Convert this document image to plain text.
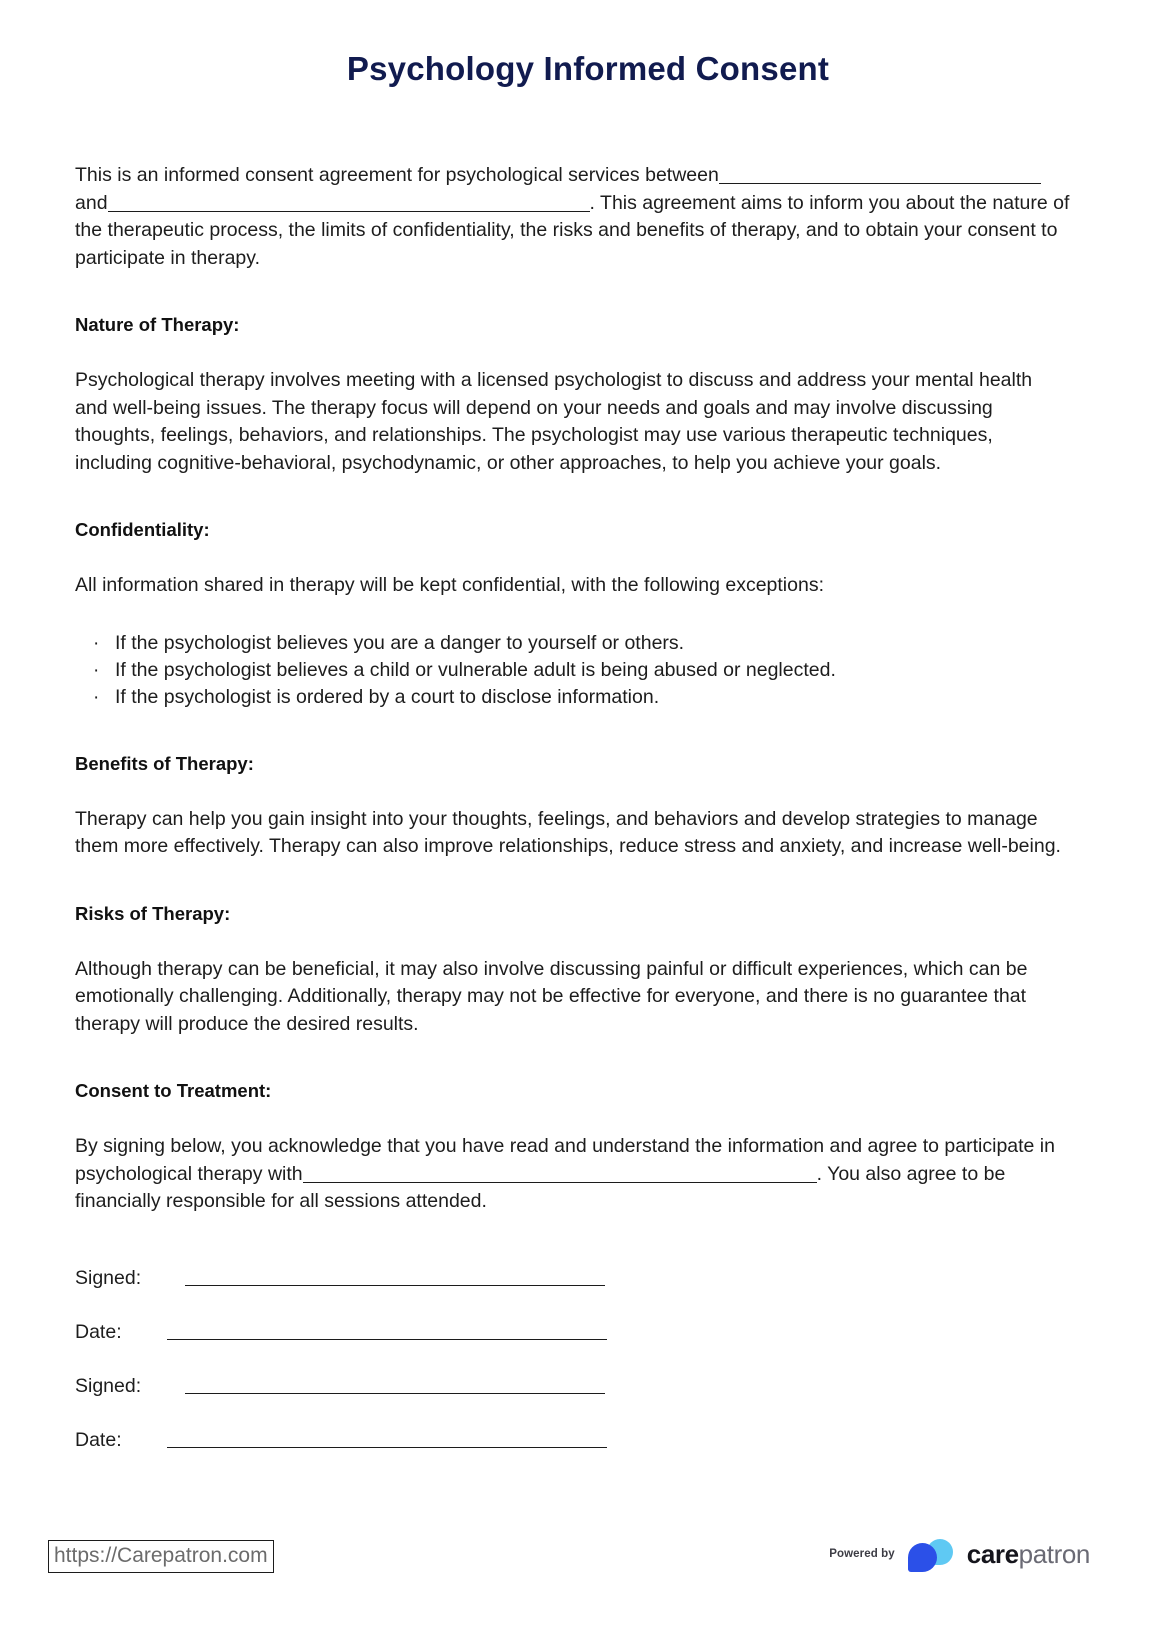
Psychology Informed Consent

This is an informed consent agreement for psychological services between and	. This agreement aims to inform you about the nature of the therapeutic process, the limits of confidentiality, the risks and benefits of therapy, and to obtain your consent to participate in therapy.

Nature of Therapy:

Psychological therapy involves meeting with a licensed psychologist to discuss and address your mental health and well-being issues. The therapy focus will depend on your needs and goals and may involve discussing thoughts, feelings, behaviors, and relationships. The psychologist may use various therapeutic techniques, including cognitive-behavioral, psychodynamic, or other approaches, to help you achieve your goals.

Confidentiality:

All information shared in therapy will be kept confidential, with the following exceptions:

· If the psychologist believes you are a danger to yourself or others.
· If the psychologist believes a child or vulnerable adult is being abused or neglected.
· If the psychologist is ordered by a court to disclose information.
Benefits of Therapy:

Therapy can help you gain insight into your thoughts, feelings, and behaviors and develop strategies to manage them more effectively. Therapy can also improve relationships, reduce stress and anxiety, and increase well-being.

Risks of Therapy:

Although therapy can be beneficial, it may also involve discussing painful or difficult experiences, which can be emotionally challenging. Additionally, therapy may not be effective for everyone, and there is no guarantee that therapy will produce the desired results.

Consent to Treatment:

By signing below, you acknowledge that you have read and understand the information and agree to participate in psychological therapy with	. You also agree to be financially responsible for all sessions attended.

Signed:
Date:
Signed:
Date:
https://Carepatron.com	Powered by	carepatron
